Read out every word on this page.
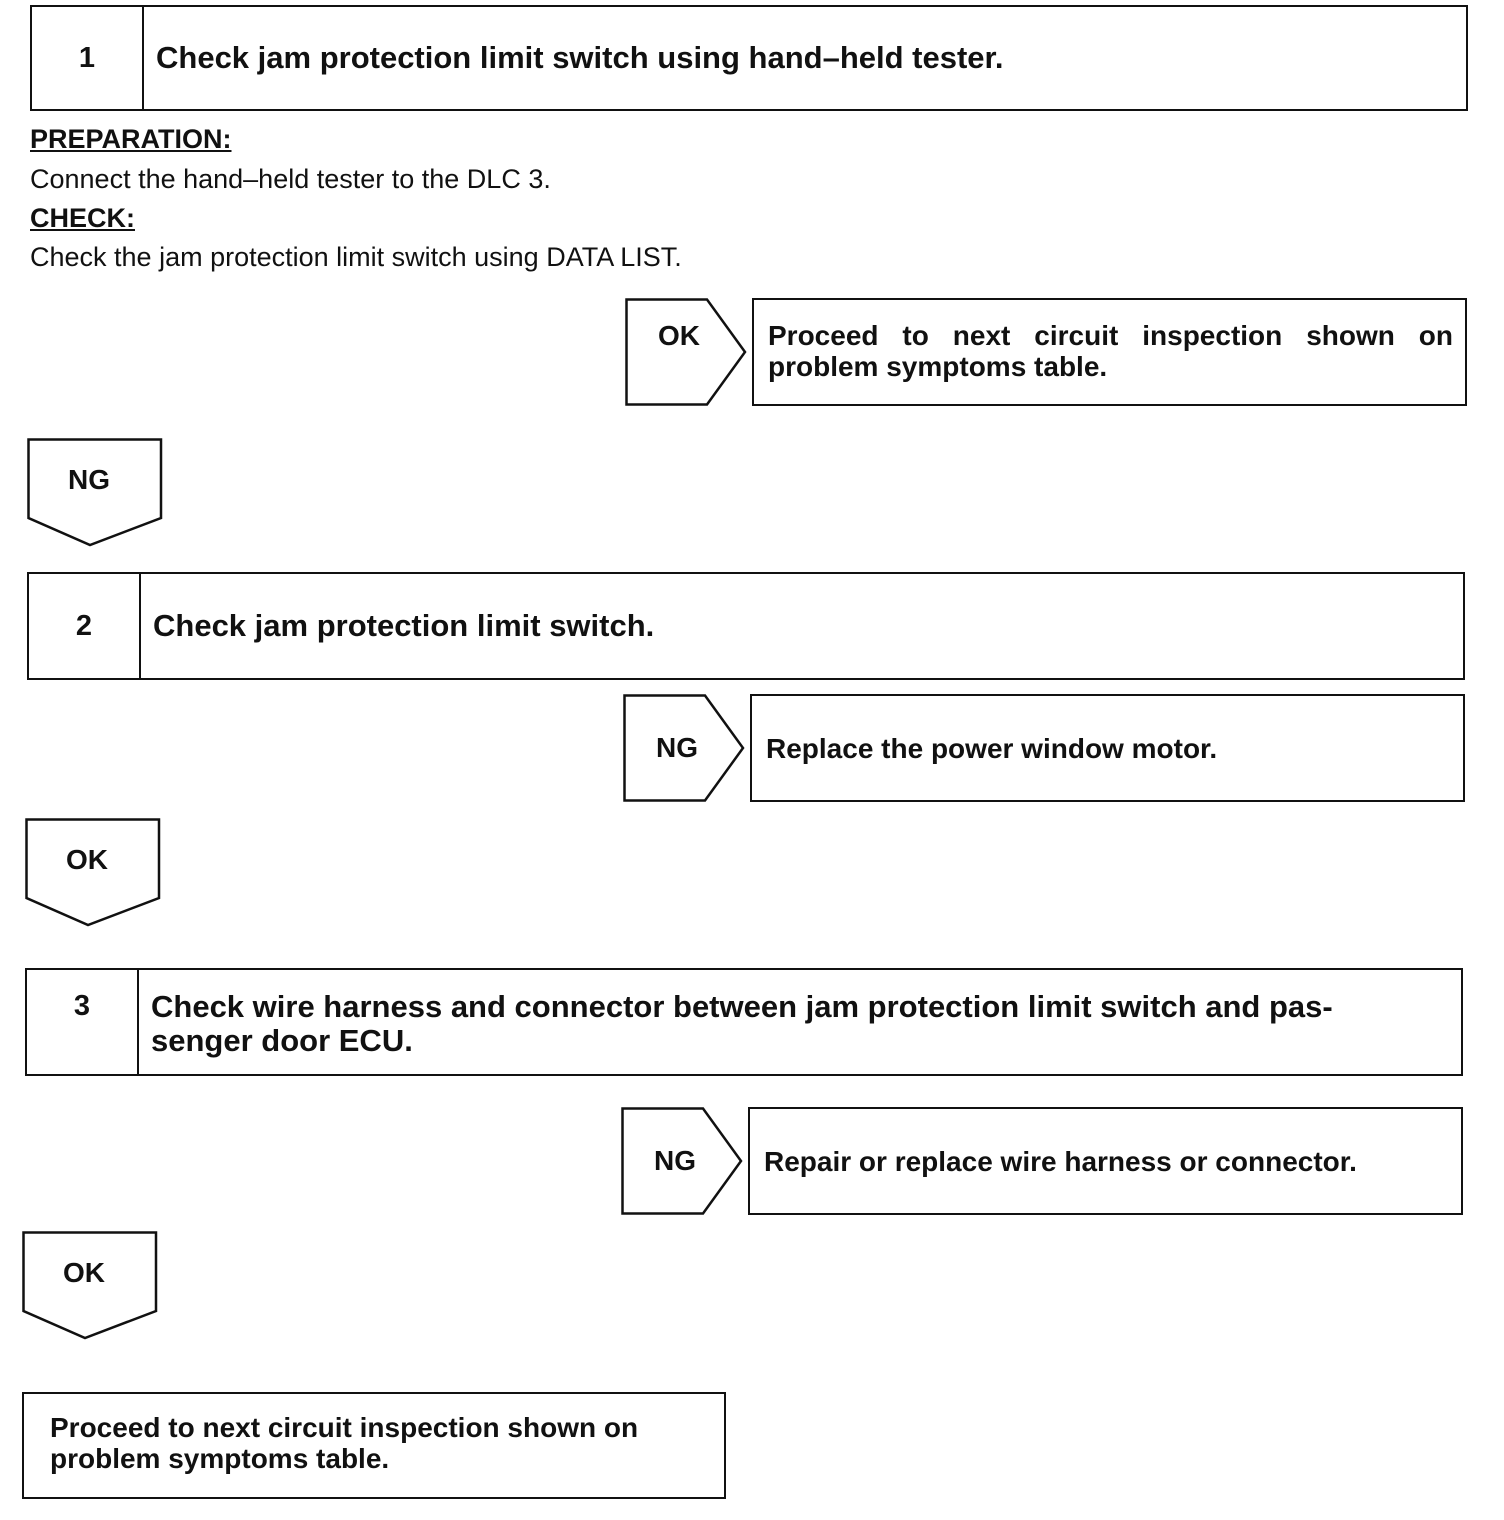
1	Check jam protection limit switch using hand–held tester.
PREPARATION:
Connect the hand–held tester to the DLC 3.
CHECK:
Check the jam protection limit switch using DATA LIST.
OK	Proceed to next circuit inspection shown on problem symptoms table.
NG
2	Check jam protection limit switch.
NG	Replace the power window motor.
OK
3	Check wire harness and connector between jam protection limit switch and pas- senger door ECU.
NG	Repair or replace wire harness or connector.
OK
Proceed to next circuit inspection shown on problem symptoms table.
